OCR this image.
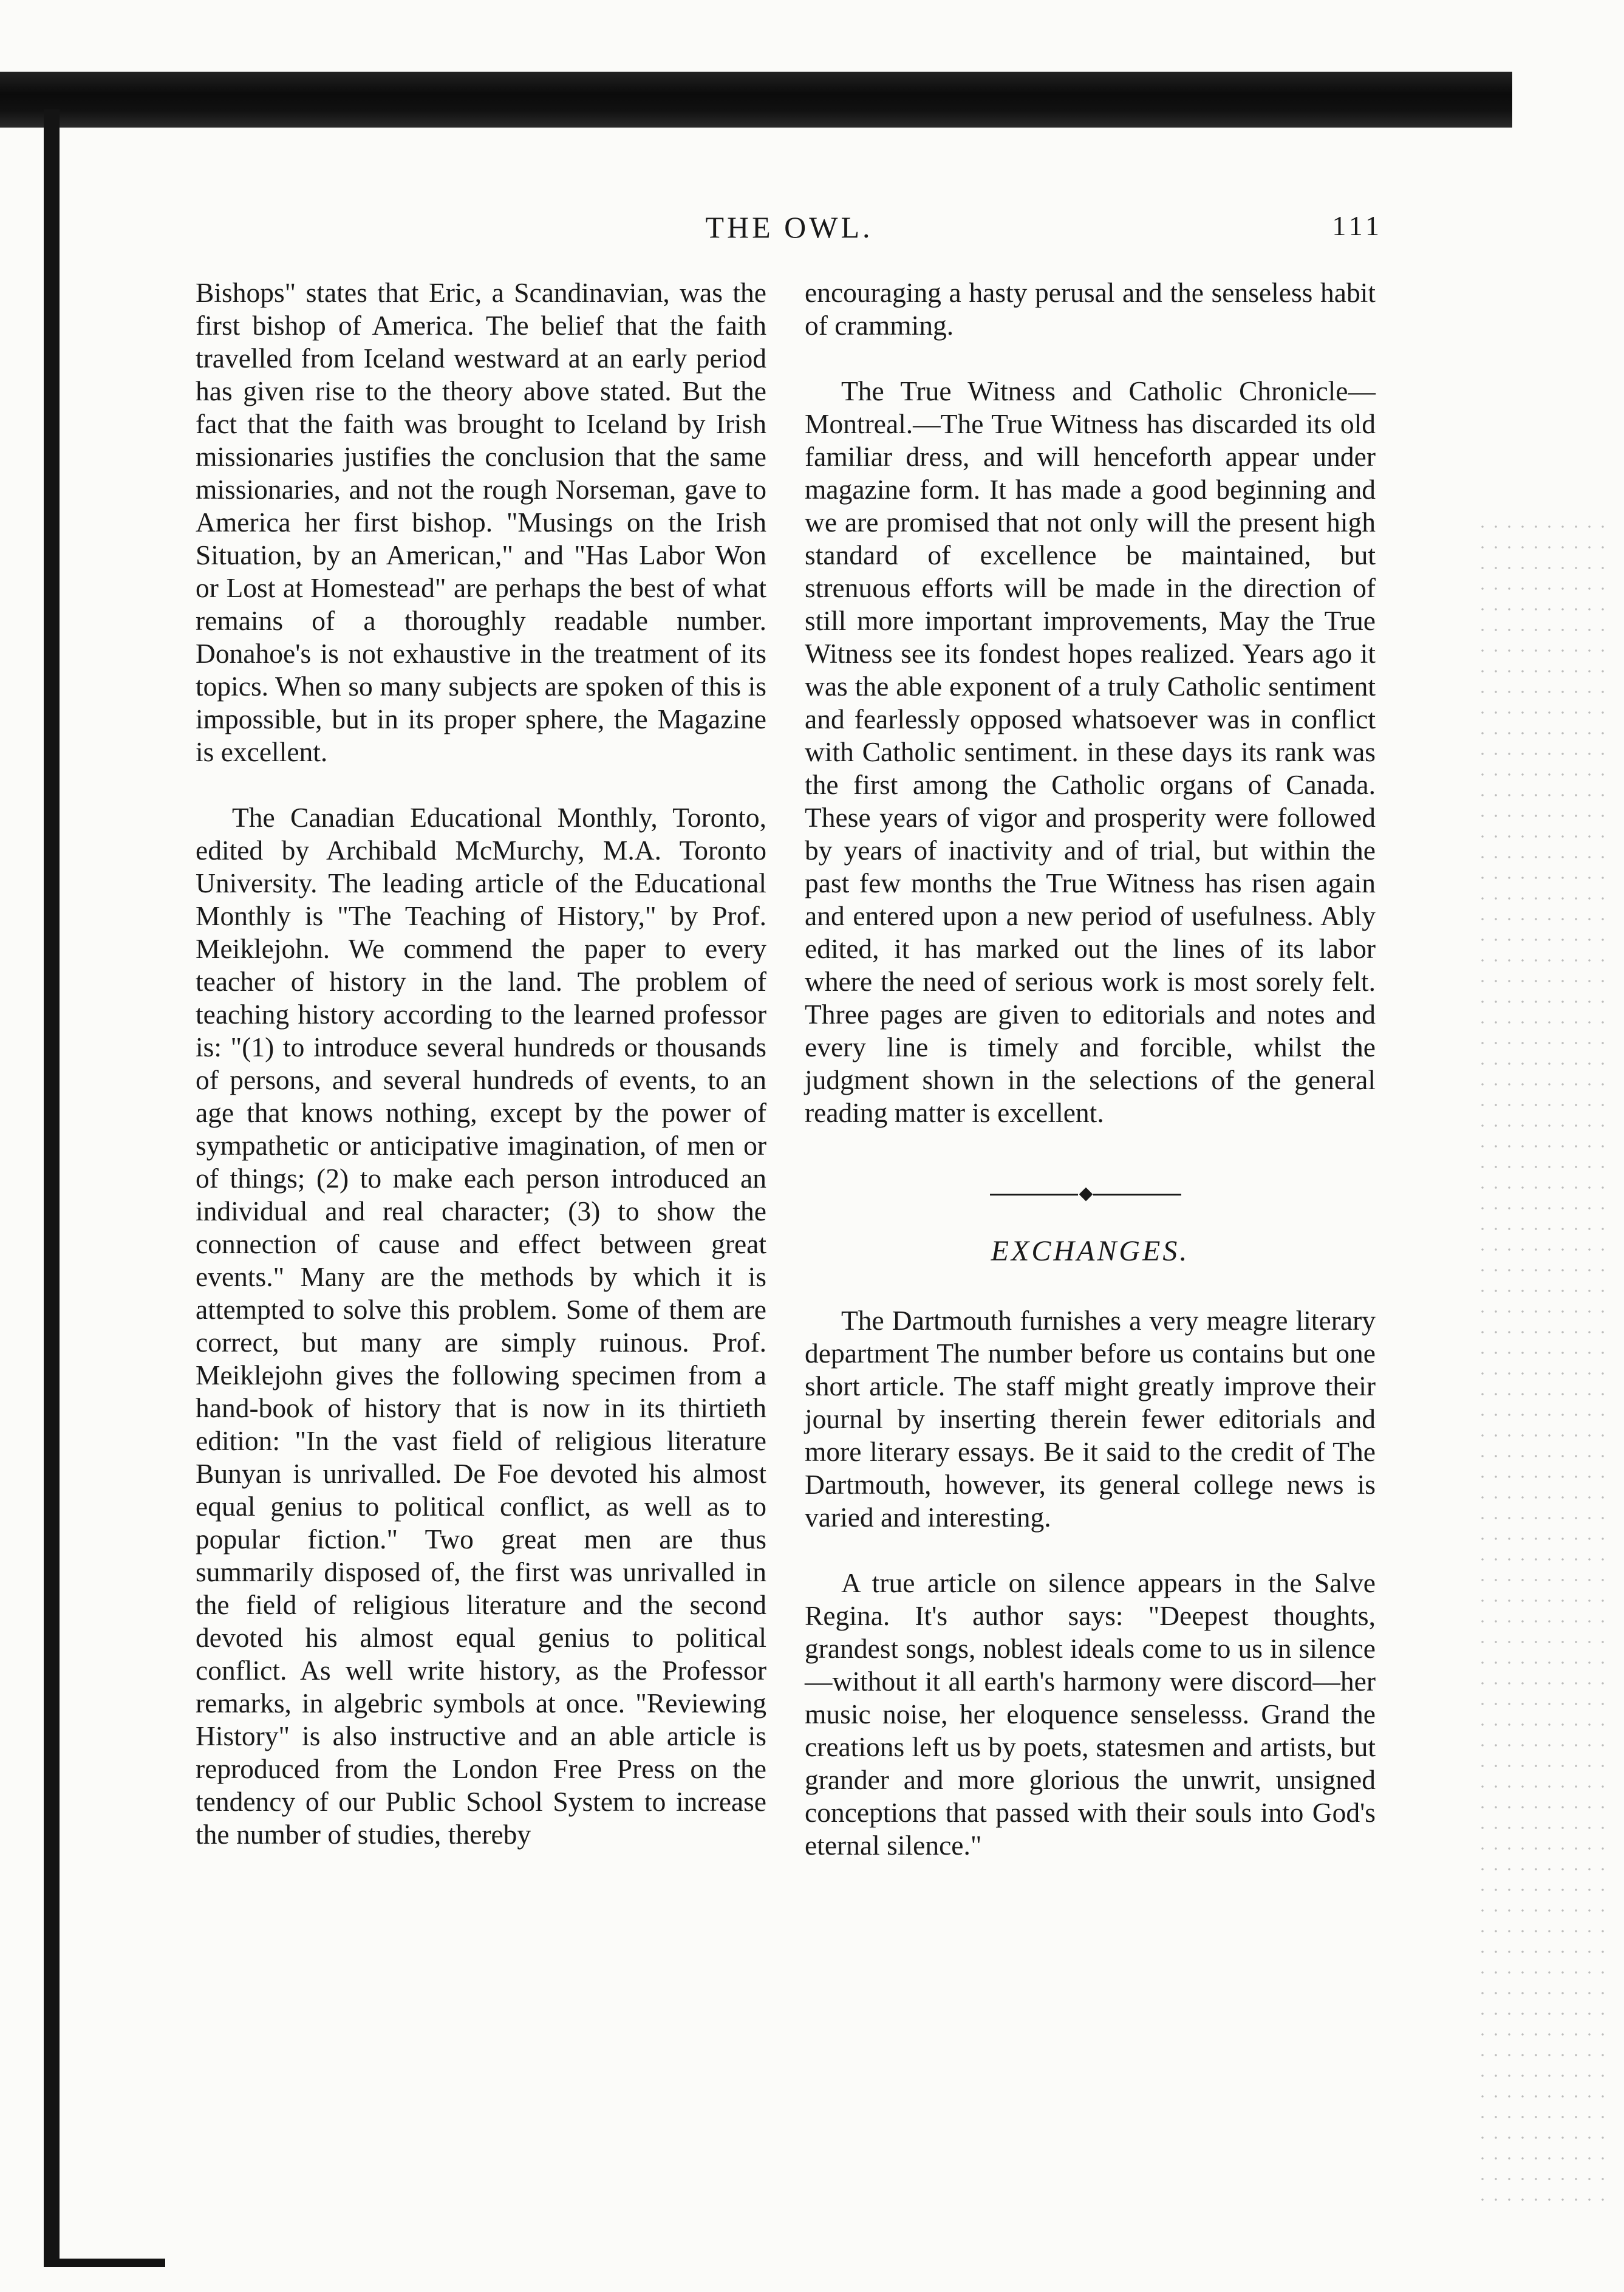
THE OWL.	111

Bishops" states that Eric, a Scandinavian, was the first bishop of America. The belief that the faith travelled from Iceland westward at an early period has given rise to the theory above stated. But the fact that the faith was brought to Iceland by Irish missionaries justifies the conclusion that the same missionaries, and not the rough Norseman, gave to America her first bishop. "Musings on the Irish Situation, by an American," and "Has Labor Won or Lost at Homestead" are perhaps the best of what remains of a thoroughly readable number. Donahoe's is not exhaustive in the treatment of its topics. When so many subjects are spoken of this is impossible, but in its proper sphere, the Magazine is excellent.

The Canadian Educational Monthly, Toronto, edited by Archibald McMurchy, M.A. Toronto University. The leading article of the Educational Monthly is "The Teaching of History," by Prof. Meiklejohn. We commend the paper to every teacher of history in the land. The problem of teaching history according to the learned professor is: "(1) to introduce several hundreds or thousands of persons, and several hundreds of events, to an age that knows nothing, except by the power of sympathetic or anticipative imagination, of men or of things; (2) to make each person introduced an individual and real character; (3) to show the connection of cause and effect between great events." Many are the methods by which it is attempted to solve this problem. Some of them are correct, but many are simply ruinous. Prof. Meiklejohn gives the following specimen from a hand-book of history that is now in its thirtieth edition: "In the vast field of religious literature Bunyan is unrivalled. De Foe devoted his almost equal genius to political conflict, as well as to popular fiction." Two great men are thus summarily disposed of, the first was unrivalled in the field of religious literature and the second devoted his almost equal genius to political conflict. As well write history, as the Professor remarks, in algebric symbols at once. "Reviewing History" is also instructive and an able article is reproduced from the London Free Press on the tendency of our Public School System to increase the number of studies, thereby

encouraging a hasty perusal and the senseless habit of cramming.

The True Witness and Catholic Chronicle—Montreal.—The True Witness has discarded its old familiar dress, and will henceforth appear under magazine form. It has made a good beginning and we are promised that not only will the present high standard of excellence be maintained, but strenuous efforts will be made in the direction of still more important improvements, May the True Witness see its fondest hopes realized. Years ago it was the able exponent of a truly Catholic sentiment and fearlessly opposed whatsoever was in conflict with Catholic sentiment. in these days its rank was the first among the Catholic organs of Canada. These years of vigor and prosperity were followed by years of inactivity and of trial, but within the past few months the True Witness has risen again and entered upon a new period of usefulness. Ably edited, it has marked out the lines of its labor where the need of serious work is most sorely felt. Three pages are given to editorials and notes and every line is timely and forcible, whilst the judgment shown in the selections of the general reading matter is excellent.

EXCHANGES.

The Dartmouth furnishes a very meagre literary department The number before us contains but one short article. The staff might greatly improve their journal by inserting therein fewer editorials and more literary essays. Be it said to the credit of The Dartmouth, however, its general college news is varied and interesting.

A true article on silence appears in the Salve Regina. It's author says: "Deepest thoughts, grandest songs, noblest ideals come to us in silence—without it all earth's harmony were discord—her music noise, her eloquence senselesss. Grand the creations left us by poets, statesmen and artists, but grander and more glorious the unwrit, unsigned conceptions that passed with their souls into God's eternal silence."
